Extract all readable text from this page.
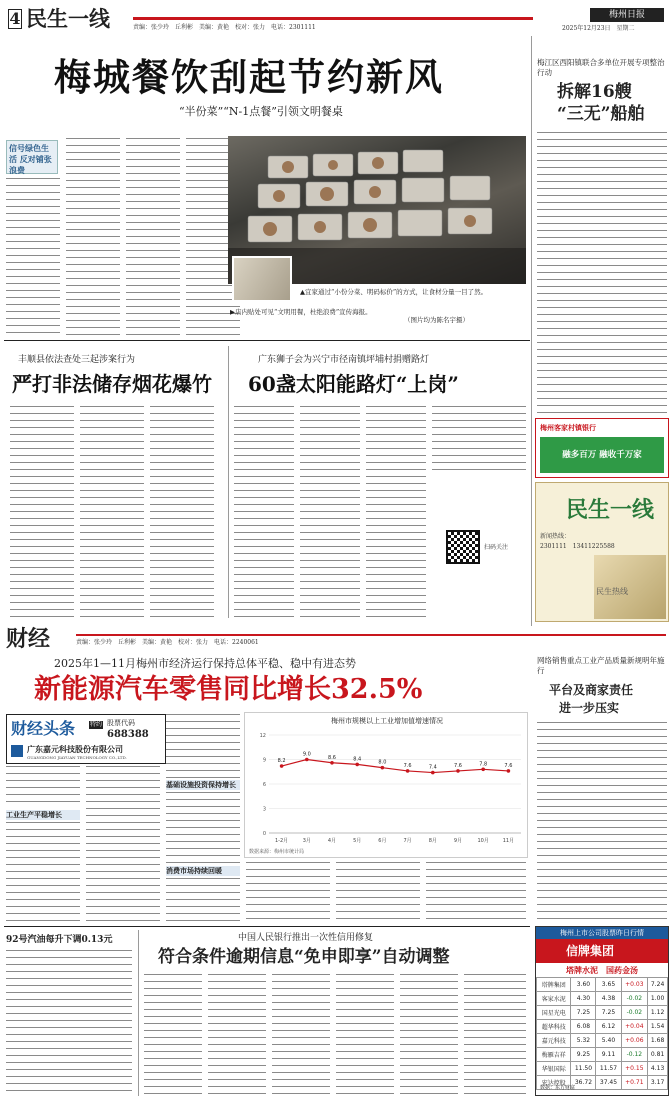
4 民生一线	责编：张少玲　丘利彬　美编：黄艳　校对：张力　电话：2301111
梅州日报
2025年12月23日　星期二
梅城餐饮刮起节约新风
“半份菜”“N-1点餐”引领文明餐桌
信号绿色生活 反对铺张浪费
▲宜家通过“小份分菜、明码标价”的方式，让食材分量一目了然。
▶店内贴处可见“文明用餐，杜绝浪费”宣传海报。
（图片均为陈名宇摄）
梅江区西阳镇联合多单位开展专项整治行动
拆解16艘
“三无”船舶
梅州客家村镇银行
融多百万 融收千万家
丰顺县依法查处三起涉案行为
严打非法储存烟花爆竹
广东狮子会为兴宁市径南镇坪埔村捐赠路灯
60盏太阳能路灯“上岗”
扫码关注
民生一线
新闻热线：
2301111　13411225588
民生热线
财经	责编：张少玲　丘利彬　美编：黄艳　校对：张力　电话：2240061
2025年1—11月梅州市经济运行保持总体平稳、稳中有进态势
新能源汽车零售同比增长32.5%
财经头条 特约 股票代码
688388
广东嘉元科技股份有限公司
GUANGDONG JIAYUAN TECHNOLOGY CO.,LTD.
工业生产平稳增长
基础设施投资保持增长
消费市场持续回暖
梅州市规模以上工业增加值增速情况
0
3
6
9
12
1-2月	3月	4月	5月	6月	7月	8月	9月	10月	11月
8.2
9.0
8.6	8.4
8.0
7.6	7.4	7.6	7.8	7.6
数据来源：梅州市统计局
网络销售重点工业产品质量新规明年施行
平台及商家责任
进一步压实
梅州上市公司股票昨日行情
信牌集团
塔牌水泥　国药金汤
塔牌集团	3.60	3.65	+0.03	7.24
客家水泥	4.30	4.38	-0.02	1.00
国星光电	7.25	7.25	-0.02	1.12
超华科技	6.08	6.12	+0.04	1.54
嘉元科技	5.32	5.40	+0.06	1.68
梅雁吉祥	9.25	9.11	-0.12	0.81
华银国际	11.50	11.57	+0.15	4.13
宏达控股	36.72	37.45	+0.71	3.17
数据：东方财富
92号汽油每升下调0.13元	中国人民银行推出一次性信用修复
符合条件逾期信息“免申即享”自动调整
